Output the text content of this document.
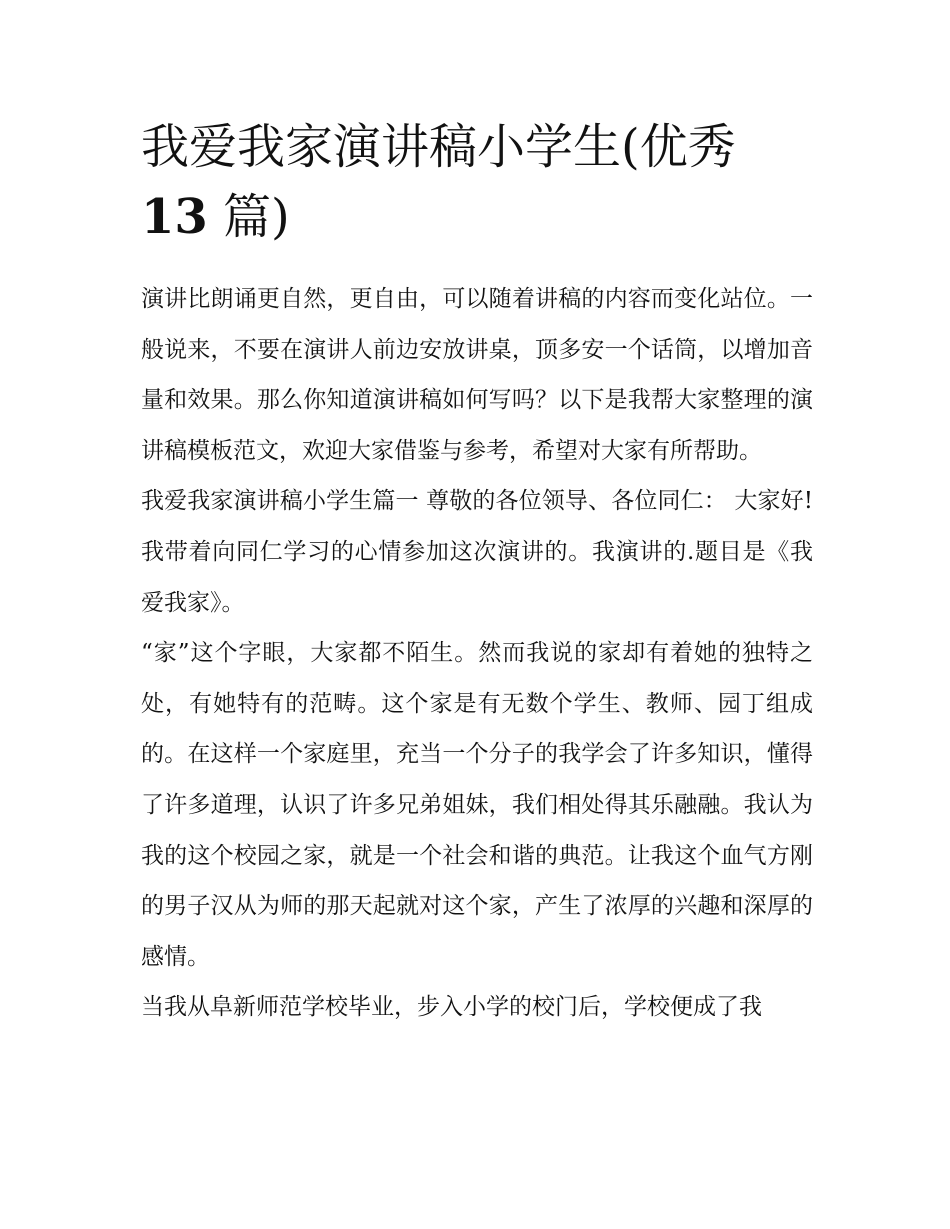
我爱我家演讲稿小学生(优秀
13 篇)

演讲比朗诵更自然，更自由，可以随着讲稿的内容而变化站位。一般说来，不要在演讲人前边安放讲桌，顶多安一个话筒，以增加音量和效果。那么你知道演讲稿如何写吗？以下是我帮大家整理的演讲稿模板范文，欢迎大家借鉴与参考，希望对大家有所帮助。

我爱我家演讲稿小学生篇一 尊敬的各位领导、各位同仁： 大家好!我带着向同仁学习的心情参加这次演讲的。我演讲的.题目是《我爱我家》。

“家”这个字眼，大家都不陌生。然而我说的家却有着她的独特之处，有她特有的范畴。这个家是有无数个学生、教师、园丁组成的。在这样一个家庭里，充当一个分子的我学会了许多知识，懂得了许多道理，认识了许多兄弟姐妹，我们相处得其乐融融。我认为我的这个校园之家，就是一个社会和谐的典范。让我这个血气方刚的男子汉从为师的那天起就对这个家，产生了浓厚的兴趣和深厚的感情。

当我从阜新师范学校毕业，步入小学的校门后，学校便成了我
